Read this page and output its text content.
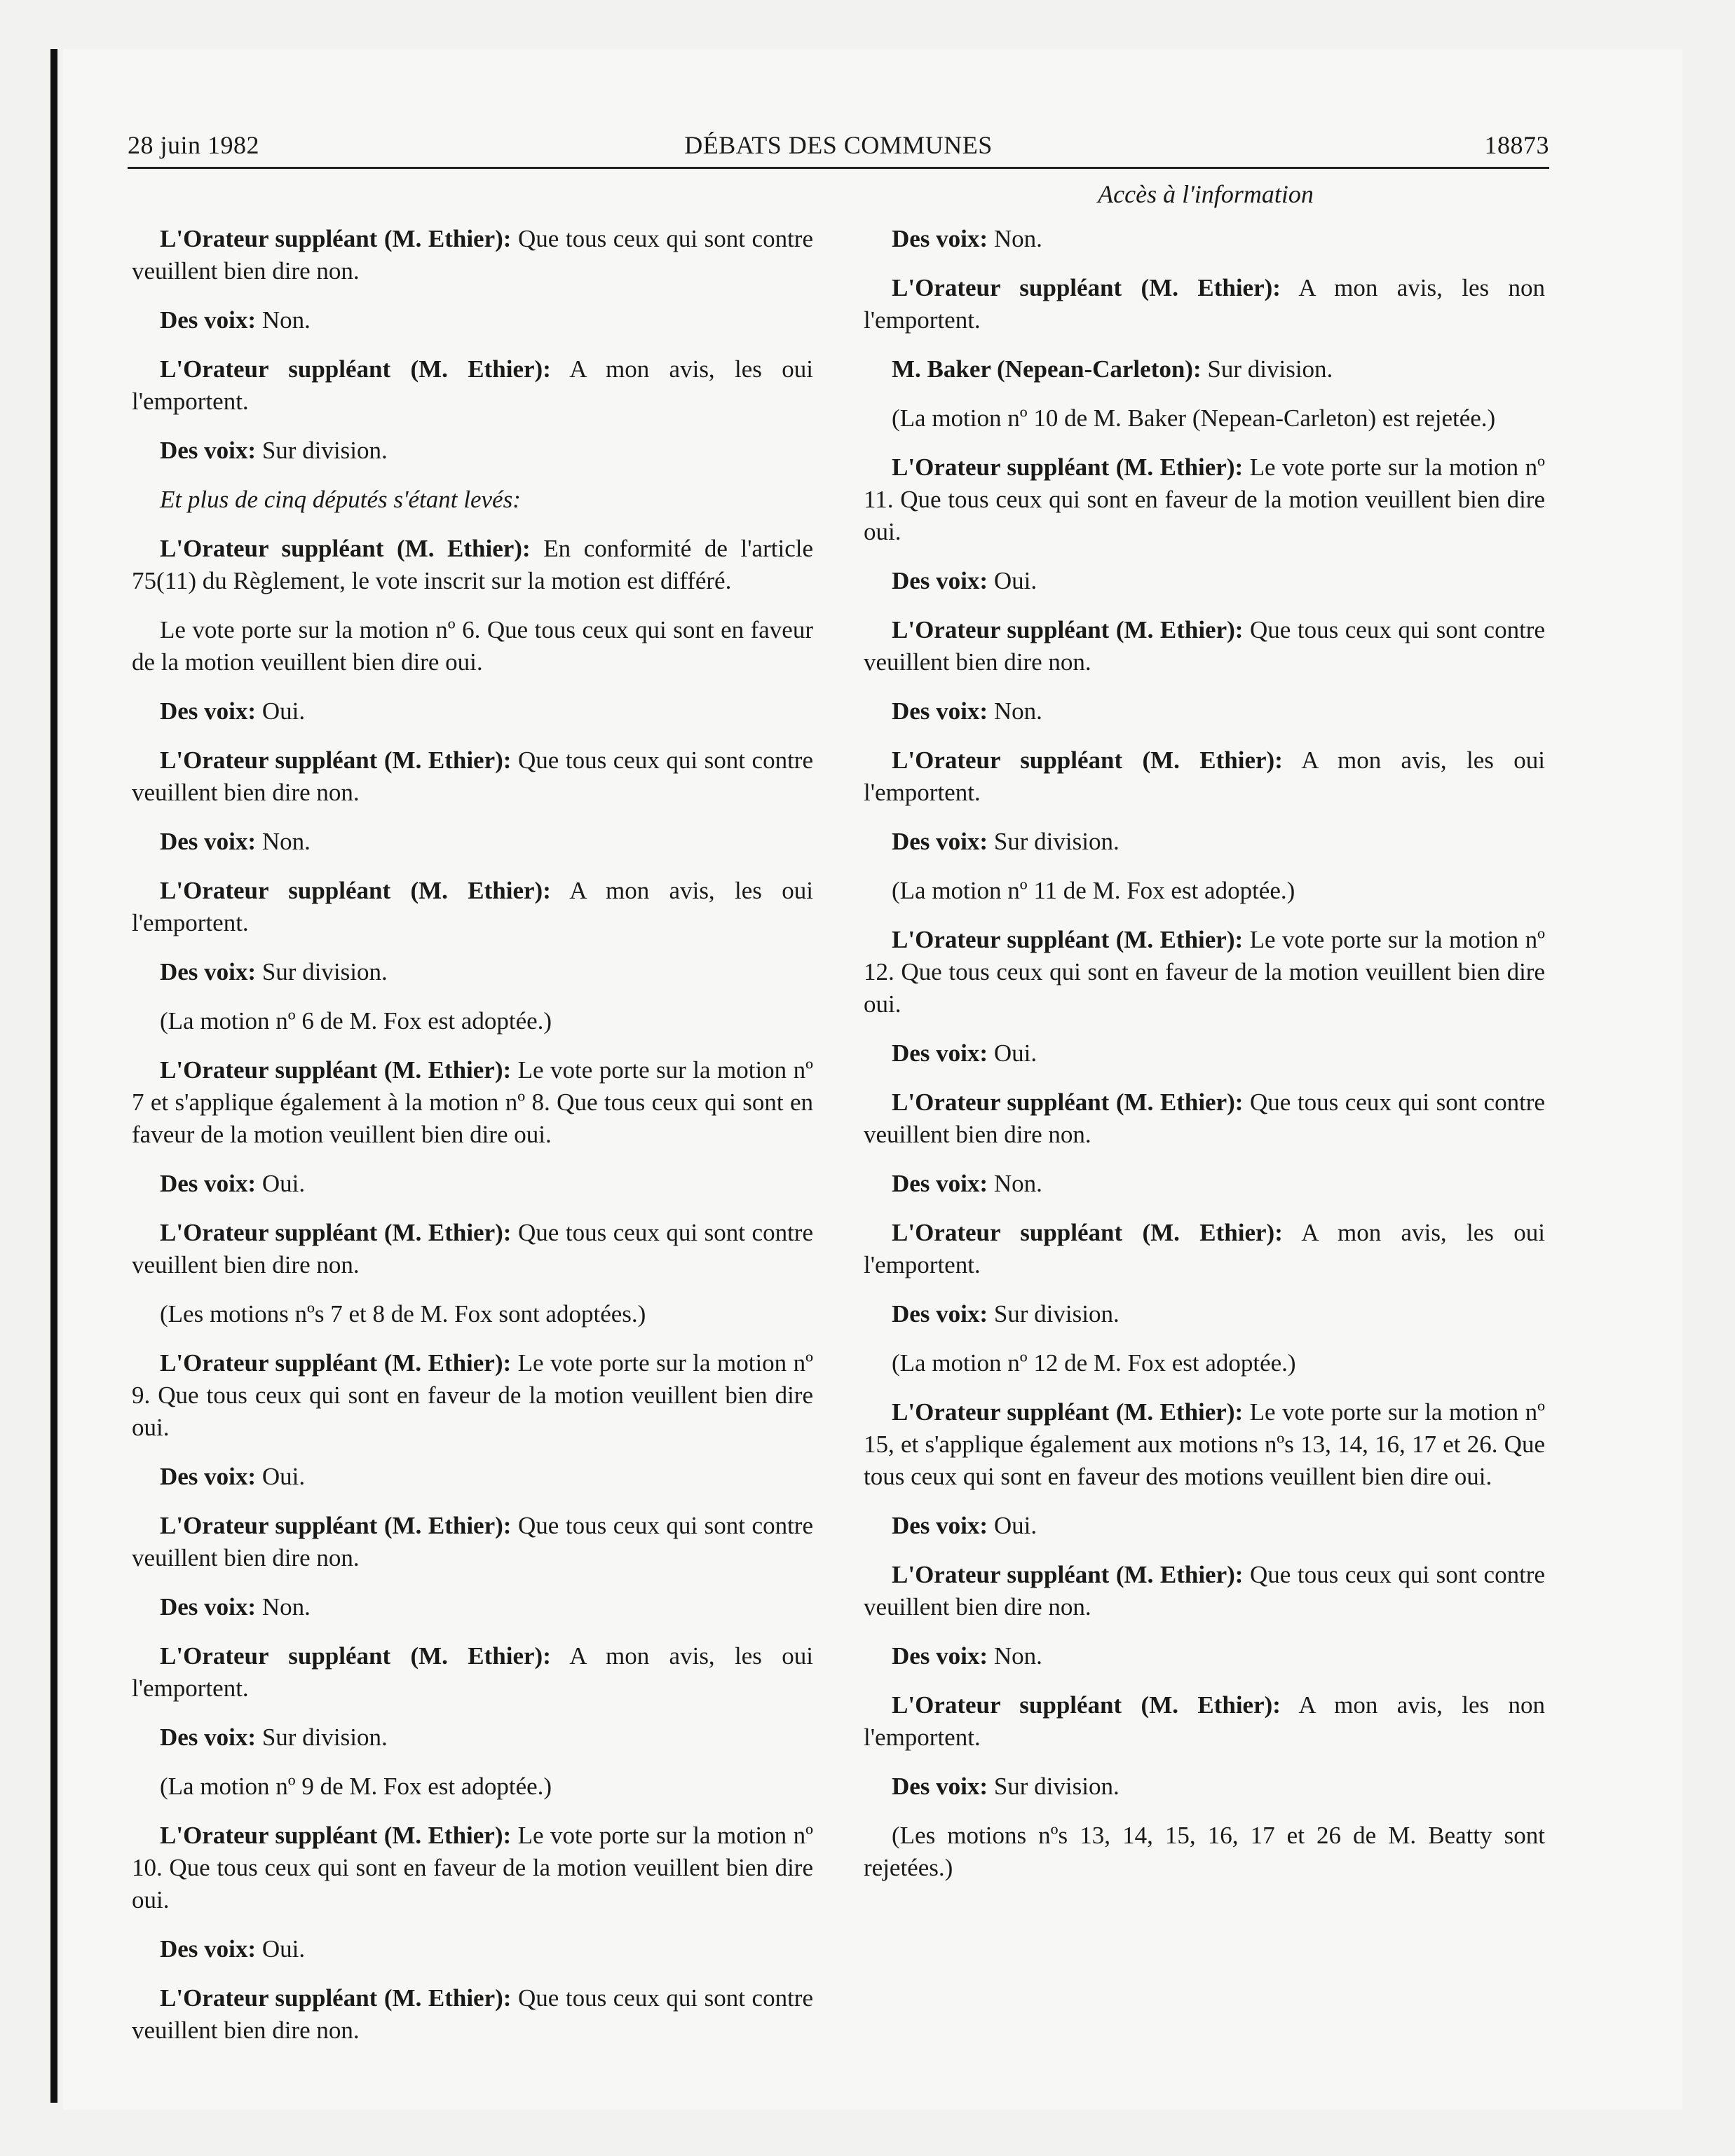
28 juin 1982	DÉBATS DES COMMUNES	18873
Accès à l'information

L'Orateur suppléant (M. Ethier): Que tous ceux qui sont contre veuillent bien dire non.

Des voix: Non.

L'Orateur suppléant (M. Ethier): A mon avis, les oui l'emportent.

Des voix: Sur division.

Et plus de cinq députés s'étant levés:

L'Orateur suppléant (M. Ethier): En conformité de l'article 75(11) du Règlement, le vote inscrit sur la motion est différé.

Le vote porte sur la motion nº 6. Que tous ceux qui sont en faveur de la motion veuillent bien dire oui.

Des voix: Oui.

L'Orateur suppléant (M. Ethier): Que tous ceux qui sont contre veuillent bien dire non.

Des voix: Non.

L'Orateur suppléant (M. Ethier): A mon avis, les oui l'emportent.

Des voix: Sur division.

(La motion nº 6 de M. Fox est adoptée.)

L'Orateur suppléant (M. Ethier): Le vote porte sur la motion nº 7 et s'applique également à la motion nº 8. Que tous ceux qui sont en faveur de la motion veuillent bien dire oui.

Des voix: Oui.

L'Orateur suppléant (M. Ethier): Que tous ceux qui sont contre veuillent bien dire non.

(Les motions nºs 7 et 8 de M. Fox sont adoptées.)

L'Orateur suppléant (M. Ethier): Le vote porte sur la motion nº 9. Que tous ceux qui sont en faveur de la motion veuillent bien dire oui.

Des voix: Oui.

L'Orateur suppléant (M. Ethier): Que tous ceux qui sont contre veuillent bien dire non.

Des voix: Non.

L'Orateur suppléant (M. Ethier): A mon avis, les oui l'emportent.

Des voix: Sur division.

(La motion nº 9 de M. Fox est adoptée.)

L'Orateur suppléant (M. Ethier): Le vote porte sur la motion nº 10. Que tous ceux qui sont en faveur de la motion veuillent bien dire oui.

Des voix: Oui.

L'Orateur suppléant (M. Ethier): Que tous ceux qui sont contre veuillent bien dire non.

Des voix: Non.

L'Orateur suppléant (M. Ethier): A mon avis, les non l'emportent.

M. Baker (Nepean-Carleton): Sur division.

(La motion nº 10 de M. Baker (Nepean-Carleton) est rejetée.)

L'Orateur suppléant (M. Ethier): Le vote porte sur la motion nº 11. Que tous ceux qui sont en faveur de la motion veuillent bien dire oui.

Des voix: Oui.

L'Orateur suppléant (M. Ethier): Que tous ceux qui sont contre veuillent bien dire non.

Des voix: Non.

L'Orateur suppléant (M. Ethier): A mon avis, les oui l'emportent.

Des voix: Sur division.

(La motion nº 11 de M. Fox est adoptée.)

L'Orateur suppléant (M. Ethier): Le vote porte sur la motion nº 12. Que tous ceux qui sont en faveur de la motion veuillent bien dire oui.

Des voix: Oui.

L'Orateur suppléant (M. Ethier): Que tous ceux qui sont contre veuillent bien dire non.

Des voix: Non.

L'Orateur suppléant (M. Ethier): A mon avis, les oui l'emportent.

Des voix: Sur division.

(La motion nº 12 de M. Fox est adoptée.)

L'Orateur suppléant (M. Ethier): Le vote porte sur la motion nº 15, et s'applique également aux motions nºs 13, 14, 16, 17 et 26. Que tous ceux qui sont en faveur des motions veuillent bien dire oui.

Des voix: Oui.

L'Orateur suppléant (M. Ethier): Que tous ceux qui sont contre veuillent bien dire non.

Des voix: Non.

L'Orateur suppléant (M. Ethier): A mon avis, les non l'emportent.

Des voix: Sur division.

(Les motions nºs 13, 14, 15, 16, 17 et 26 de M. Beatty sont rejetées.)
